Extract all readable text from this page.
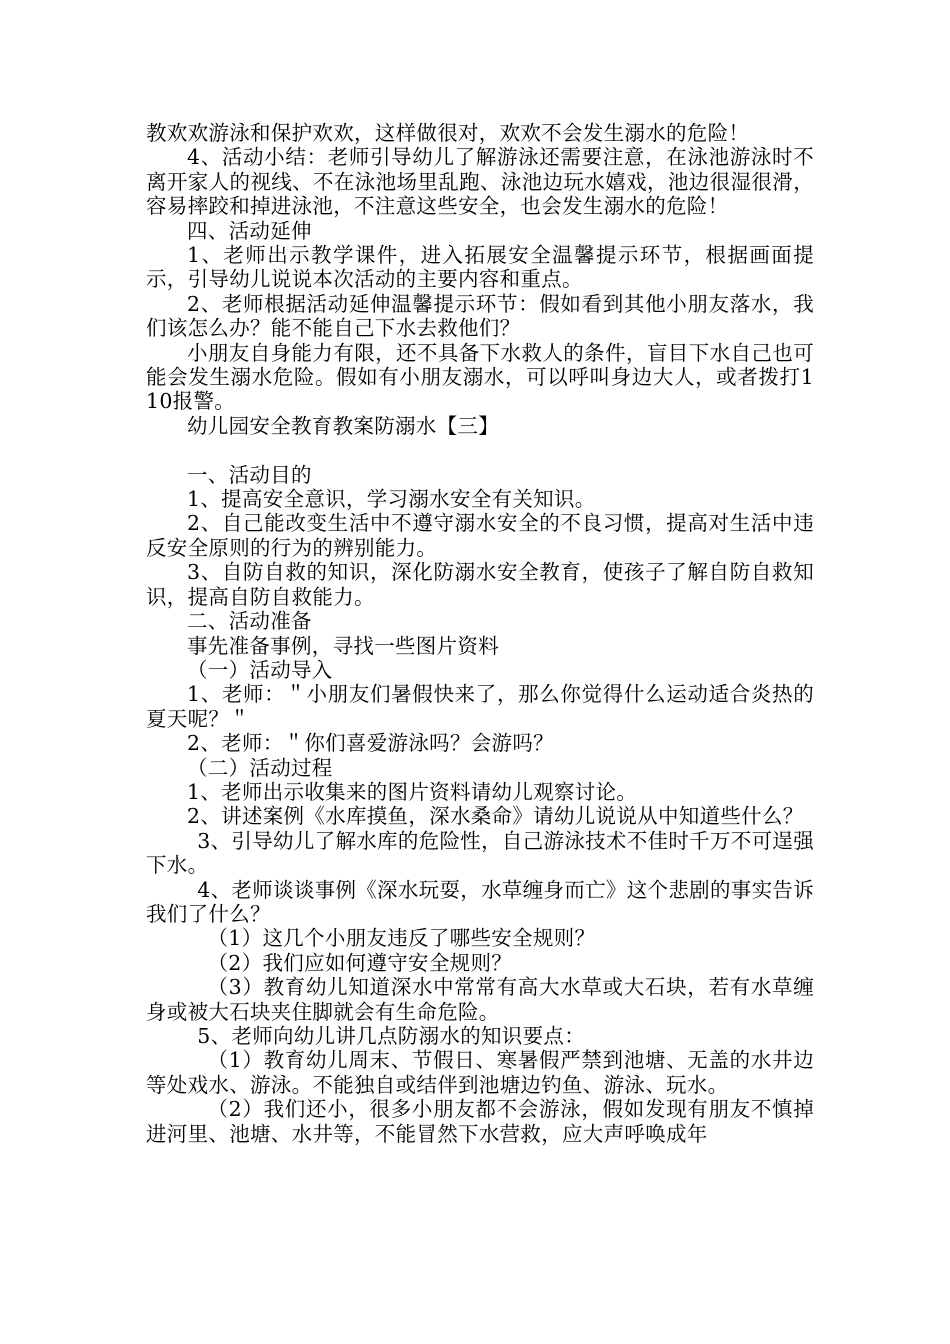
教欢欢游泳和保护欢欢，这样做很对，欢欢不会发生溺水的危险！

4、活动小结：老师引导幼儿了解游泳还需要注意，在泳池游泳时不离开家人的视线、不在泳池场里乱跑、泳池边玩水嬉戏，池边很湿很滑，容易摔跤和掉进泳池，不注意这些安全，也会发生溺水的危险！

四、活动延伸

1、老师出示教学课件，进入拓展安全温馨提示环节，根据画面提示，引导幼儿说说本次活动的主要内容和重点。

2、老师根据活动延伸温馨提示环节：假如看到其他小朋友落水，我们该怎么办？能不能自己下水去救他们？

小朋友自身能力有限，还不具备下水救人的条件，盲目下水自己也可能会发生溺水危险。假如有小朋友溺水，可以呼叫身边大人，或者拨打110报警。

幼儿园安全教育教案防溺水【三】

一、活动目的

1、提高安全意识，学习溺水安全有关知识。

2、自己能改变生活中不遵守溺水安全的不良习惯，提高对生活中违反安全原则的行为的辨别能力。

3、自防自救的知识，深化防溺水安全教育，使孩子了解自防自救知识，提高自防自救能力。

二、活动准备

事先准备事例，寻找一些图片资料

（一）活动导入

1、老师：＂小朋友们暑假快来了，那么你觉得什么运动适合炎热的夏天呢？＂

2、老师：＂你们喜爱游泳吗？会游吗？

（二）活动过程

1、老师出示收集来的图片资料请幼儿观察讨论。

2、讲述案例《水库摸鱼，深水桑命》请幼儿说说从中知道些什么？

3、引导幼儿了解水库的危险性，自己游泳技术不佳时千万不可逞强下水。

4、老师谈谈事例《深水玩耍，水草缠身而亡》这个悲剧的事实告诉我们了什么？

（1）这几个小朋友违反了哪些安全规则？

（2）我们应如何遵守安全规则？

（3）教育幼儿知道深水中常常有高大水草或大石块，若有水草缠身或被大石块夹住脚就会有生命危险。

5、老师向幼儿讲几点防溺水的知识要点：

（1）教育幼儿周末、节假日、寒暑假严禁到池塘、无盖的水井边等处戏水、游泳。不能独自或结伴到池塘边钓鱼、游泳、玩水。

（2）我们还小，很多小朋友都不会游泳，假如发现有朋友不慎掉进河里、池塘、水井等，不能冒然下水营救，应大声呼唤成年
